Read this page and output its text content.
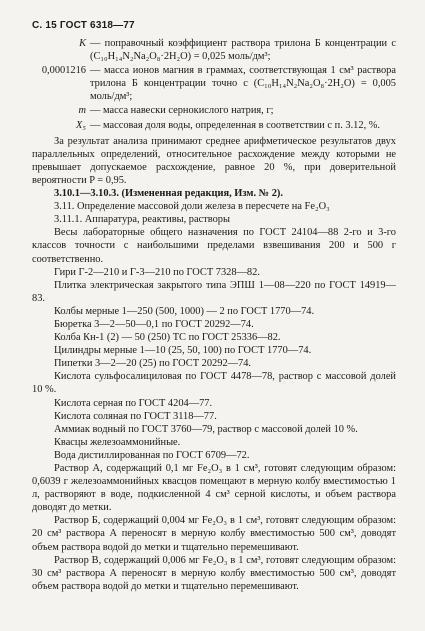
С. 15 ГОСТ 6318—77
K — поправочный коэффициент раствора трилона Б концентрации c (C₁₀H₁₄N₂Na₂O₈·2H₂O) = 0,025 моль/дм³;
0,0001216 — масса ионов магния в граммах, соответствующая 1 см³ раствора трилона Б концентрации точно c (C₁₀H₁₄N₂Na₂O₈·2H₂O) = 0,005 моль/дм³;
m — масса навески сернокислого натрия, г;
X₅ — массовая доля воды, определенная в соответствии с п. 3.12, %.

За результат анализа принимают среднее арифметическое результатов двух параллельных определений, относительное расхождение между которыми не превышает допускаемое расхождение, равное 20 %, при доверительной вероятности P = 0,95.

3.10.1—3.10.3. (Измененная редакция, Изм. № 2).

3.11. Определение массовой доли железа в пересчете на Fe₂O₃

3.11.1. Аппаратура, реактивы, растворы

Весы лабораторные общего назначения по ГОСТ 24104—88 2-го и 3-го классов точности с наибольшими пределами взвешивания 200 и 500 г соответственно.

Гири Г-2—210 и Г-3—210 по ГОСТ 7328—82.

Плитка электрическая закрытого типа ЭПШ 1—08—220 по ГОСТ 14919—83.

Колбы мерные 1—250 (500, 1000) — 2 по ГОСТ 1770—74.

Бюретка 3—2—50—0,1 по ГОСТ 20292—74.

Колба Кн-1 (2) — 50 (250) ТС по ГОСТ 25336—82.

Цилиндры мерные 1—10 (25, 50, 100) по ГОСТ 1770—74.

Пипетки 3—2—20 (25) по ГОСТ 20292—74.

Кислота сульфосалициловая по ГОСТ 4478—78, раствор с массовой долей 10 %.

Кислота серная по ГОСТ 4204—77.

Кислота соляная по ГОСТ 3118—77.

Аммиак водный по ГОСТ 3760—79, раствор с массовой долей 10 %.

Квасцы железоаммонийные.

Вода дистиллированная по ГОСТ 6709—72.

Раствор А, содержащий 0,1 мг Fe₂O₃ в 1 см³, готовят следующим образом: 0,6039 г железоаммонийных квасцов помещают в мерную колбу вместимостью 1 л, растворяют в воде, подкисленной 4 см³ серной кислоты, и объем раствора доводят до метки.

Раствор Б, содержащий 0,004 мг Fe₂O₃ в 1 см³, готовят следующим образом: 20 см³ раствора А переносят в мерную колбу вместимостью 500 см³, доводят объем раствора водой до метки и тщательно перемешивают.

Раствор В, содержащий 0,006 мг Fe₂O₃ в 1 см³, готовят следующим образом: 30 см³ раствора А переносят в мерную колбу вместимостью 500 см³, доводят объем раствора водой до метки и тщательно перемешивают.
